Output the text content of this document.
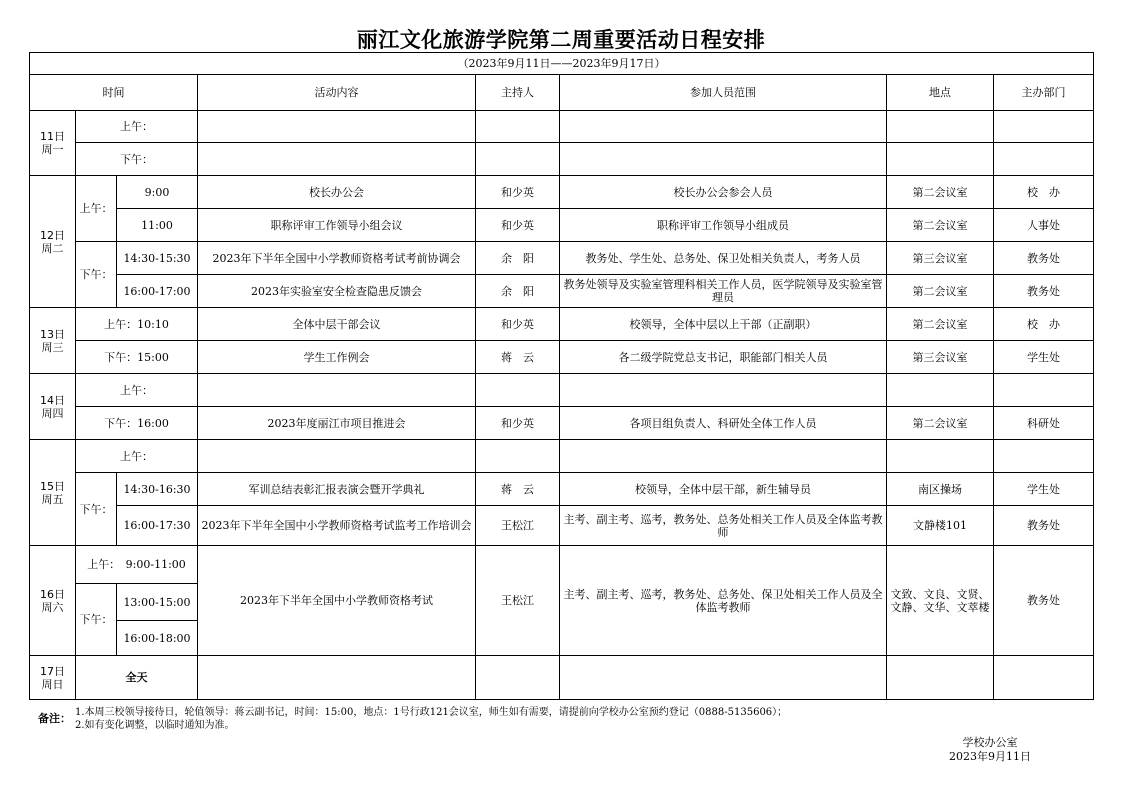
丽江文化旅游学院第二周重要活动日程安排
（2023年9月11日——2023年9月17日）							
时间			活动内容	主持人	参加人员范围	地点	主办部门
11日
周一	上午：						
	下午：						
12日
周二	上午：	9:00	校长办公会	和少英	校长办公会参会人员	第二会议室	校　办
		11:00	职称评审工作领导小组会议	和少英	职称评审工作领导小组成员	第二会议室	人事处
	下午：	14:30-15:30	2023年下半年全国中小学教师资格考试考前协调会	余　阳	教务处、学生处、总务处、保卫处相关负责人，考务人员	第三会议室	教务处
		16:00-17:00	2023年实验室安全检查隐患反馈会	余　阳	教务处领导及实验室管理科相关工作人员，医学院领导及实验室管理员	第二会议室	教务处
13日
周三	上午：10:10		全体中层干部会议	和少英	校领导，全体中层以上干部（正副职）	第二会议室	校　办
	下午：15:00		学生工作例会	蒋　云	各二级学院党总支书记，职能部门相关人员	第三会议室	学生处
14日
周四	上午：						
	下午：16:00		2023年度丽江市项目推进会	和少英	各项目组负责人、科研处全体工作人员	第二会议室	科研处
15日
周五	上午：						
	下午：	14:30-16:30	军训总结表彰汇报表演会暨开学典礼	蒋　云	校领导，全体中层干部，新生辅导员	南区操场	学生处
		16:00-17:30	2023年下半年全国中小学教师资格考试监考工作培训会	王松江	主考、副主考、巡考，教务处、总务处相关工作人员及全体监考教师	文静楼101	教务处
16日
周六	上午：　9:00-11:00		2023年下半年全国中小学教师资格考试	王松江	主考、副主考、巡考，教务处、总务处、保卫处相关工作人员及全体监考教师	文致、文良、文贤、文静、文华、文萃楼	教务处
	下午：	13:00-15:00					
		16:00-18:00					
17日
周日	全天						
备注： 1.本周三校领导接待日，轮值领导：蒋云副书记，时间：15:00，地点：1号行政121会议室，师生如有需要，请提前向学校办公室预约登记（0888-5135606）；
2.如有变化调整，以临时通知为准。
学校办公室
2023年9月11日
